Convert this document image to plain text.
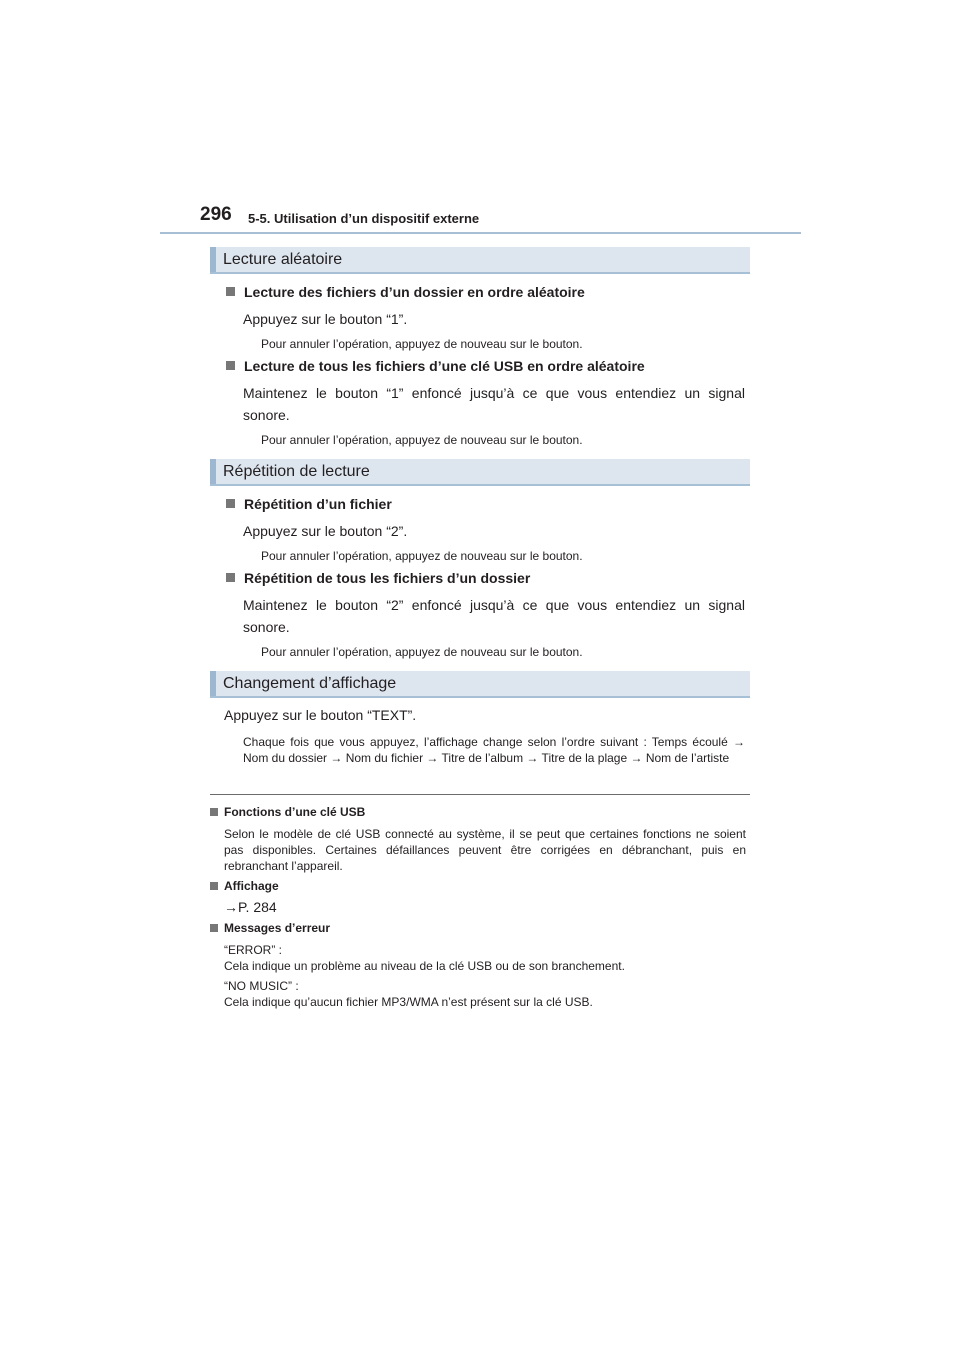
296 5-5. Utilisation d’un dispositif externe
Lecture aléatoire
Lecture des fichiers d’un dossier en ordre aléatoire
Appuyez sur le bouton “1”.
Pour annuler l’opération, appuyez de nouveau sur le bouton.
Lecture de tous les fichiers d’une clé USB en ordre aléatoire
Maintenez le bouton “1” enfoncé jusqu’à ce que vous entendiez un signal sonore.
Pour annuler l’opération, appuyez de nouveau sur le bouton.
Répétition de lecture
Répétition d’un fichier
Appuyez sur le bouton “2”.
Pour annuler l’opération, appuyez de nouveau sur le bouton.
Répétition de tous les fichiers d’un dossier
Maintenez le bouton “2” enfoncé jusqu’à ce que vous entendiez un signal sonore.
Pour annuler l’opération, appuyez de nouveau sur le bouton.
Changement d’affichage
Appuyez sur le bouton “TEXT”.
Chaque fois que vous appuyez, l’affichage change selon l’ordre suivant : Temps écoulé → Nom du dossier → Nom du fichier → Titre de l’album → Titre de la plage → Nom de l’artiste
Fonctions d’une clé USB
Selon le modèle de clé USB connecté au système, il se peut que certaines fonctions ne soient pas disponibles. Certaines défaillances peuvent être corrigées en débranchant, puis en rebranchant l’appareil.
Affichage
→P. 284
Messages d’erreur
“ERROR” :
Cela indique un problème au niveau de la clé USB ou de son branchement.
“NO MUSIC” :
Cela indique qu’aucun fichier MP3/WMA n’est présent sur la clé USB.
